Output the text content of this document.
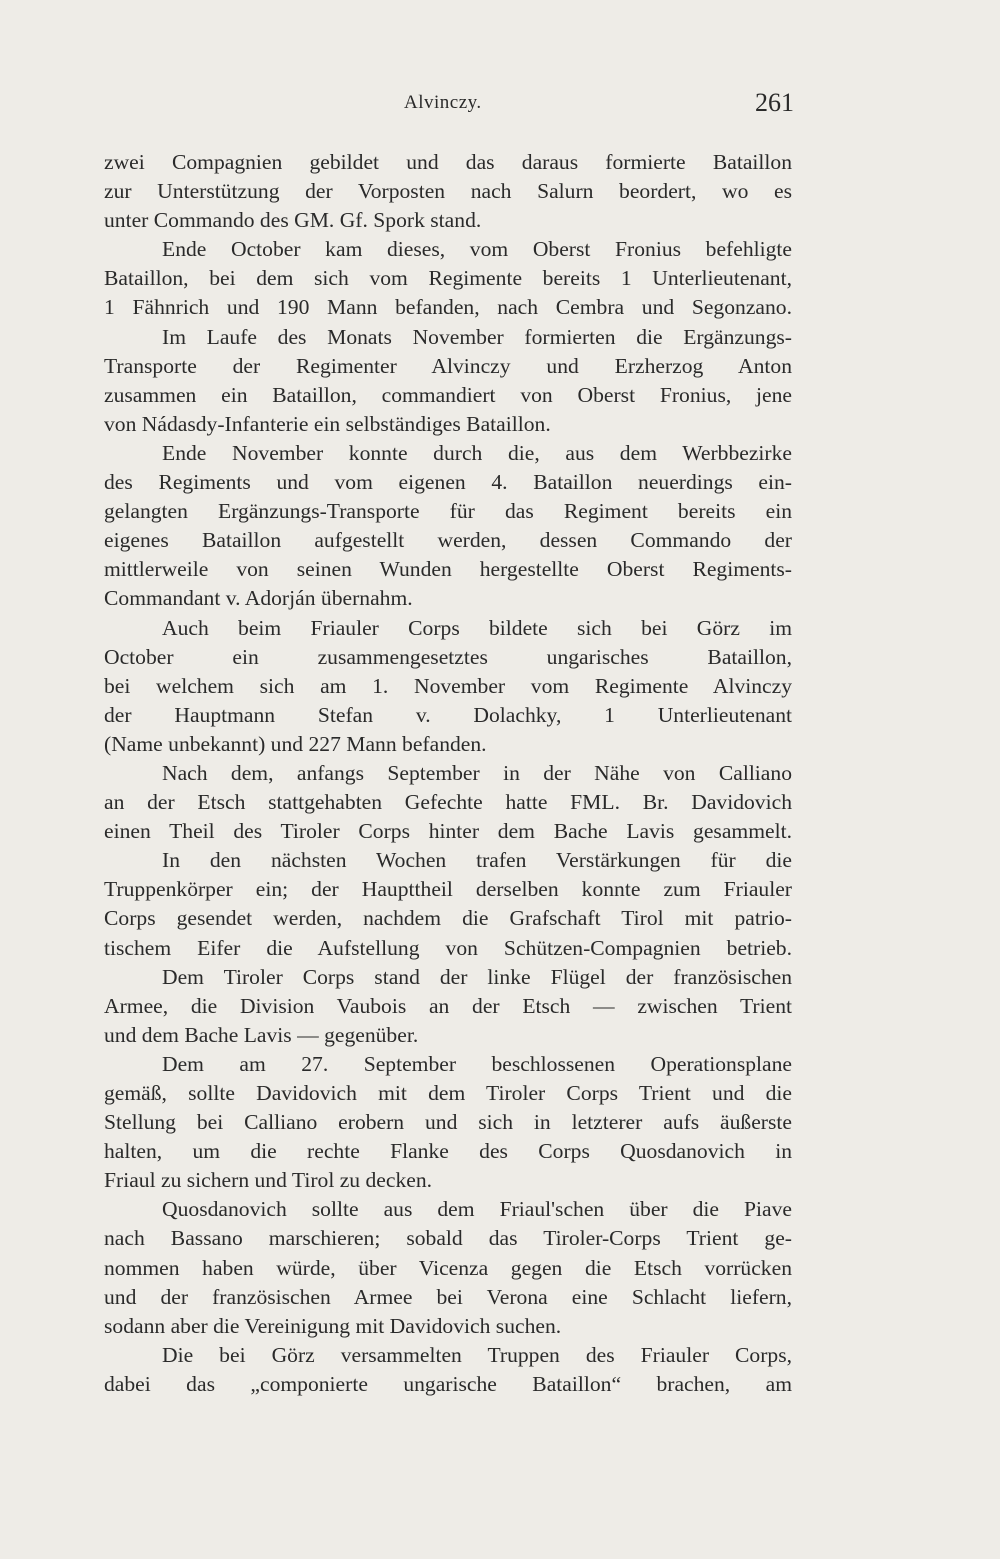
Alvinczy.	261
zwei Compagnien gebildet und das daraus formierte Bataillon
zur Unterstützung der Vorposten nach Salurn beordert, wo es
unter Commando des GM. Gf. Spork stand.
Ende October kam dieses, vom Oberst Fronius befehligte
Bataillon, bei dem sich vom Regimente bereits 1 Unterlieutenant,
1 Fähnrich und 190 Mann befanden, nach Cembra und Segonzano.
Im Laufe des Monats November formierten die Ergänzungs-
Transporte der Regimenter Alvinczy und Erzherzog Anton
zusammen ein Bataillon, commandiert von Oberst Fronius, jene
von Nádasdy-Infanterie ein selbständiges Bataillon.
Ende November konnte durch die, aus dem Werbbezirke
des Regiments und vom eigenen 4. Bataillon neuerdings ein-
gelangten Ergänzungs-Transporte für das Regiment bereits ein
eigenes Bataillon aufgestellt werden, dessen Commando der
mittlerweile von seinen Wunden hergestellte Oberst Regiments-
Commandant v. Adorján übernahm.
Auch beim Friauler Corps bildete sich bei Görz im
October ein zusammengesetztes ungarisches Bataillon,
bei welchem sich am 1. November vom Regimente Alvinczy
der Hauptmann Stefan v. Dolachky, 1 Unterlieutenant
(Name unbekannt) und 227 Mann befanden.
Nach dem, anfangs September in der Nähe von Calliano
an der Etsch stattgehabten Gefechte hatte FML. Br. Davidovich
einen Theil des Tiroler Corps hinter dem Bache Lavis gesammelt.
In den nächsten Wochen trafen Verstärkungen für die
Truppenkörper ein; der Haupttheil derselben konnte zum Friauler
Corps gesendet werden, nachdem die Grafschaft Tirol mit patrio-
tischem Eifer die Aufstellung von Schützen-Compagnien betrieb.
Dem Tiroler Corps stand der linke Flügel der französischen
Armee, die Division Vaubois an der Etsch — zwischen Trient
und dem Bache Lavis — gegenüber.
Dem am 27. September beschlossenen Operationsplane
gemäß, sollte Davidovich mit dem Tiroler Corps Trient und die
Stellung bei Calliano erobern und sich in letzterer aufs äußerste
halten, um die rechte Flanke des Corps Quosdanovich in
Friaul zu sichern und Tirol zu decken.
Quosdanovich sollte aus dem Friaul'schen über die Piave
nach Bassano marschieren; sobald das Tiroler-Corps Trient ge-
nommen haben würde, über Vicenza gegen die Etsch vorrücken
und der französischen Armee bei Verona eine Schlacht liefern,
sodann aber die Vereinigung mit Davidovich suchen.
Die bei Görz versammelten Truppen des Friauler Corps,
dabei das „componierte ungarische Bataillon“ brachen, am
